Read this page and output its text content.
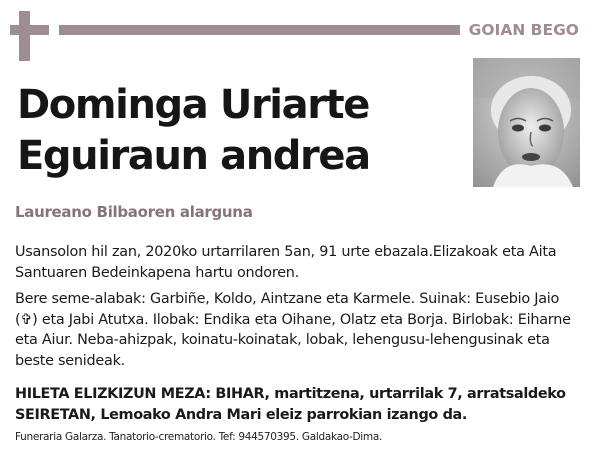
GOIAN BEGO
Dominga Uriarte
Eguiraun andrea
Laureano Bilbaoren alarguna
Usansolon hil zan, 2020ko urtarrilaren 5an, 91 urte ebazala.Elizakoak eta Aita Santuaren Bedeinkapena hartu ondoren.
Bere seme-alabak: Garbiñe, Koldo, Aintzane eta Karmele. Suinak: Eusebio Jaio (✞) eta Jabi Atutxa. Ilobak: Endika eta Oihane, Olatz eta Borja. Birlobak: Eiharne eta Aiur. Neba-ahizpak, koinatu-koinatak, lobak, lehengusu-lehengusinak eta beste senideak.
HILETA ELIZKIZUN MEZA: BIHAR, martitzena, urtarrilak 7, arratsaldeko SEIRETAN, Lemoako Andra Mari eleiz parrokian izango da.
Funeraria Galarza. Tanatorio-crematorio. Tef: 944570395. Galdakao-Dima.
